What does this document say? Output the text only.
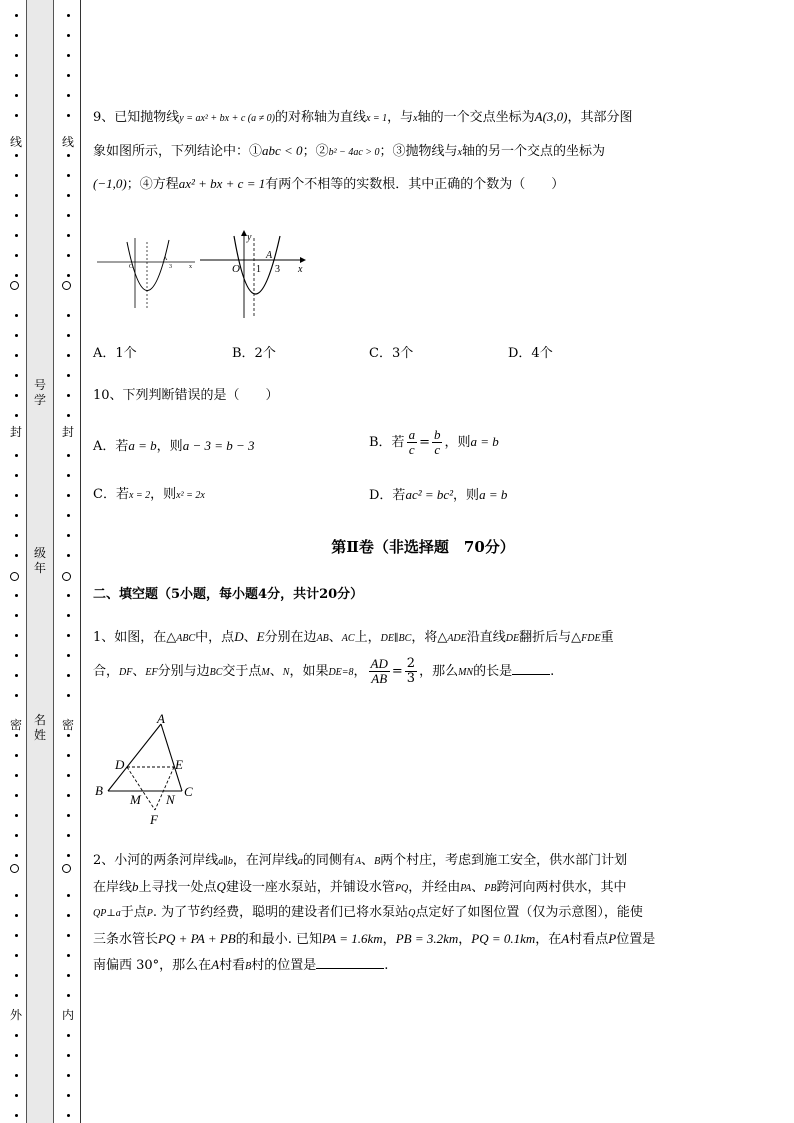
线
封
密
外
线
封
密
内
号
学
级
年
名
姓
9、已知抛物线y = ax² + bx + c (a ≠ 0)的对称轴为直线x = 1，与x轴的一个交点坐标为A(3,0)，其部分图
象如图所示，下列结论中：①abc < 0；②b² − 4ac > 0；③抛物线与x轴的另一个交点的坐标为
(−1,0)；④方程ax² + bx + c = 1有两个不相等的实数根．其中正确的个数为（　　）
O
A
3	x	O 1 3
A
x
y
A．1个	B．2个	C．3个	D．4个
10、下列判断错误的是（　　）
A．若a = b，则a − 3 = b − 3	B．若 $\frac{a}{c} = \frac{b}{c}$ ，则a = b
C．若x = 2，则x² = 2x	D．若ac² = bc²，则a = b
第Ⅱ卷（非选择题　70分）
二、填空题（5小题，每小题4分，共计20分）
1、如图，在△ABC中，点D、E分别在边AB、AC上，DE∥BC，将△ADE沿直线DE翻折后与△FDE重
合，DF、EF分别与边BC交于点M、N，如果DE=8， $\frac{AD}{AB} = \frac{2}{3}$ ，那么MN的长是	.
A
B	C
D	E
M N
F
2、小河的两条河岸线a∥b，在河岸线a的同侧有A、B两个村庄，考虑到施工安全，供水部门计划
在岸线b上寻找一处点Q建设一座水泵站，并铺设水管PQ，并经由PA、PB跨河向两村供水，其中
QP⊥a于点P. 为了节约经费，聪明的建设者们已将水泵站Q点定好了如图位置（仅为示意图），能使
三条水管长PQ + PA + PB的和最小. 已知PA = 1.6km，PB = 3.2km，PQ = 0.1km，在A村看点P位置是
南偏西 30°，那么在A村看B村的位置是	.
